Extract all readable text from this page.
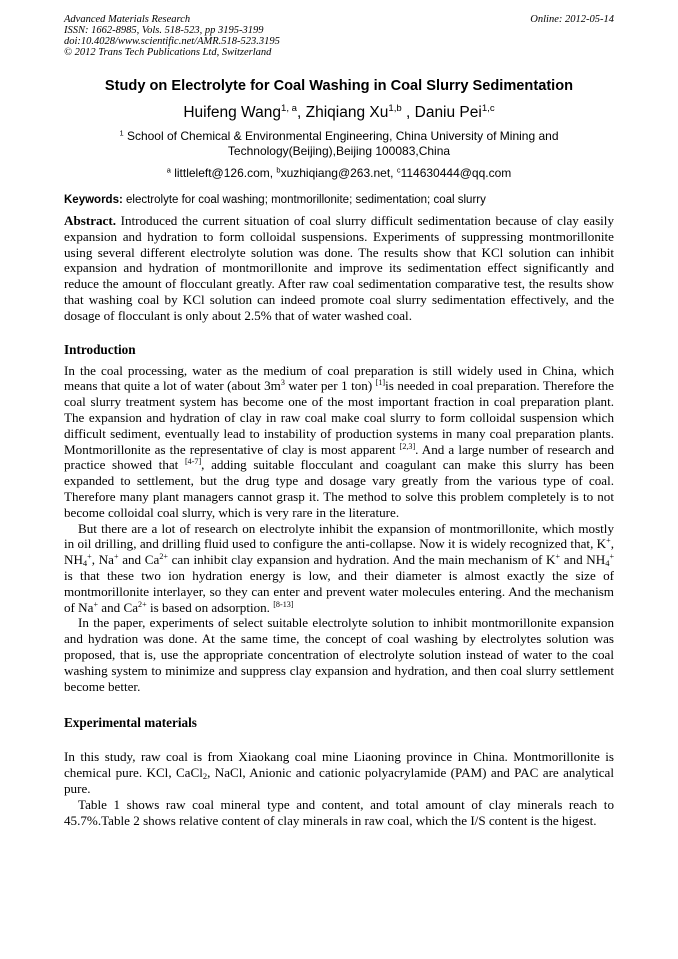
Advanced Materials Research
ISSN: 1662-8985, Vols. 518-523, pp 3195-3199
doi:10.4028/www.scientific.net/AMR.518-523.3195
© 2012 Trans Tech Publications Ltd, Switzerland
Online: 2012-05-14
Study on Electrolyte for Coal Washing in Coal Slurry Sedimentation
Huifeng Wang$^{1, a}$, Zhiqiang Xu$^{1,b}$ , Daniu Pei$^{1,c}$
$^1$ School of Chemical & Environmental Engineering, China University of Mining and
Technology(Beijing),Beijing 100083,China
$^a$ littleleft@126.com, $^b$xuzhiqiang@263.net, $^c$114630444@qq.com
Keywords: electrolyte for coal washing; montmorillonite; sedimentation; coal slurry

Abstract. Introduced the current situation of coal slurry difficult sedimentation because of clay easily expansion and hydration to form colloidal suspensions. Experiments of suppressing montmorillonite using several different electrolyte solution was done. The results show that KCl solution can inhibit expansion and hydration of montmorillonite and improve its sedimentation effect significantly and reduce the amount of flocculant greatly. After raw coal sedimentation comparative test, the results show that washing coal by KCl solution can indeed promote coal slurry sedimentation effectively, and the dosage of flocculant is only about 2.5% that of water washed coal.

Introduction

In the coal processing, water as the medium of coal preparation is still widely used in China, which means that quite a lot of water (about $3m^3$ water per 1 ton) [1]is needed in coal preparation. Therefore the coal slurry treatment system has become one of the most important fraction in coal preparation plant. The expansion and hydration of clay in raw coal make coal slurry to form colloidal suspension which difficult sediment, eventually lead to instability of production systems in many coal preparation plants. Montmorillonite as the representative of clay is most apparent [2,3]. And a large number of research and practice showed that [4-7], adding suitable flocculant and coagulant can make this slurry has been expanded to settlement, but the drug type and dosage vary greatly from the various type of coal. Therefore many plant managers cannot grasp it. The method to solve this problem completely is to not become colloidal coal slurry, which is very rare in the literature.

But there are a lot of research on electrolyte inhibit the expansion of montmorillonite, which mostly in oil drilling, and drilling fluid used to configure the anti-collapse. Now it is widely recognized that, K+, $NH_4^+$, Na+ and $Ca^{2+}$ can inhibit clay expansion and hydration. And the main mechanism of K+ and $NH_4^+$ is that these two ion hydration energy is low, and their diameter is almost exactly the size of montmorillonite interlayer, so they can enter and prevent water molecules entering. And the mechanism of Na+ and $Ca^{2+}$ is based on adsorption. [8-13]

In the paper, experiments of select suitable electrolyte solution to inhibit montmorillonite expansion and hydration was done. At the same time, the concept of coal washing by electrolytes solution was proposed, that is, use the appropriate concentration of electrolyte solution instead of water to the coal washing system to minimize and suppress clay expansion and hydration, and then coal slurry settlement become better.

Experimental materials

In this study, raw coal is from Xiaokang coal mine Liaoning province in China. Montmorillonite is chemical pure. KCl, CaCl$_2$, NaCl, Anionic and cationic polyacrylamide (PAM) and PAC are analytical pure.

Table 1 shows raw coal mineral type and content, and total amount of clay minerals reach to 45.7%.Table 2 shows relative content of clay minerals in raw coal, which the I/S content is the higest.
